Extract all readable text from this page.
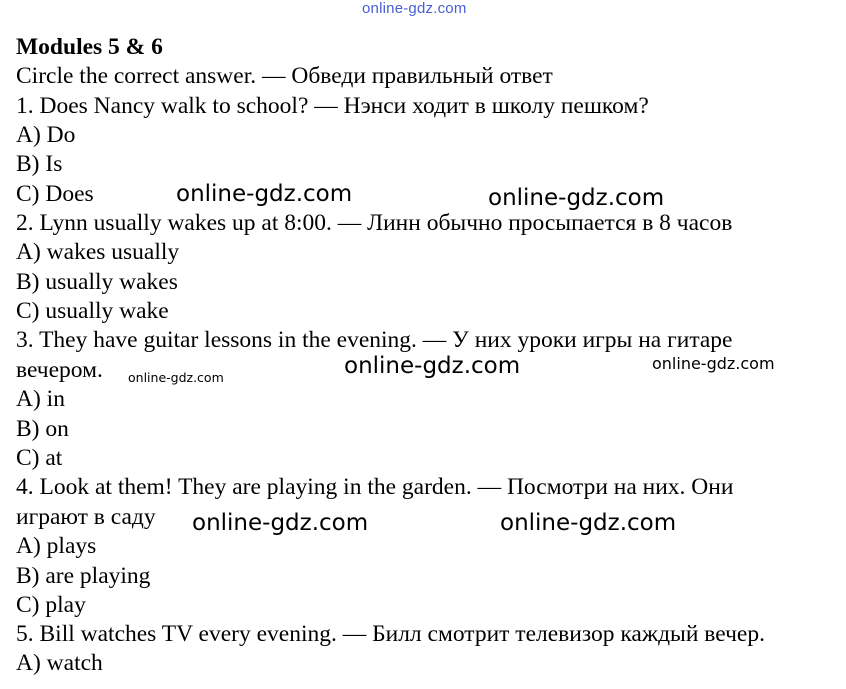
online-gdz.com
Modules 5 & 6
Circle the correct answer. — Обведи правильный ответ
1. Does Nancy walk to school? — Нэнси ходит в школу пешком?
A) Do
B) Is
C) Does
2. Lynn usually wakes up at 8:00. — Линн обычно просыпается в 8 часов
A) wakes usually
B) usually wakes
C) usually wake
3. They have guitar lessons in the evening. — У них уроки игры на гитаре
вечером.
A) in
B) on
C) at
4. Look at them! They are playing in the garden. — Посмотри на них. Они
играют в саду
A) plays
B) are playing
C) play
5. Bill watches TV every evening. — Билл смотрит телевизор каждый вечер.
A) watch
online-gdz.com	online-gdz.com
online-gdz.com	online-gdz.com	online-gdz.com
online-gdz.com	online-gdz.com
